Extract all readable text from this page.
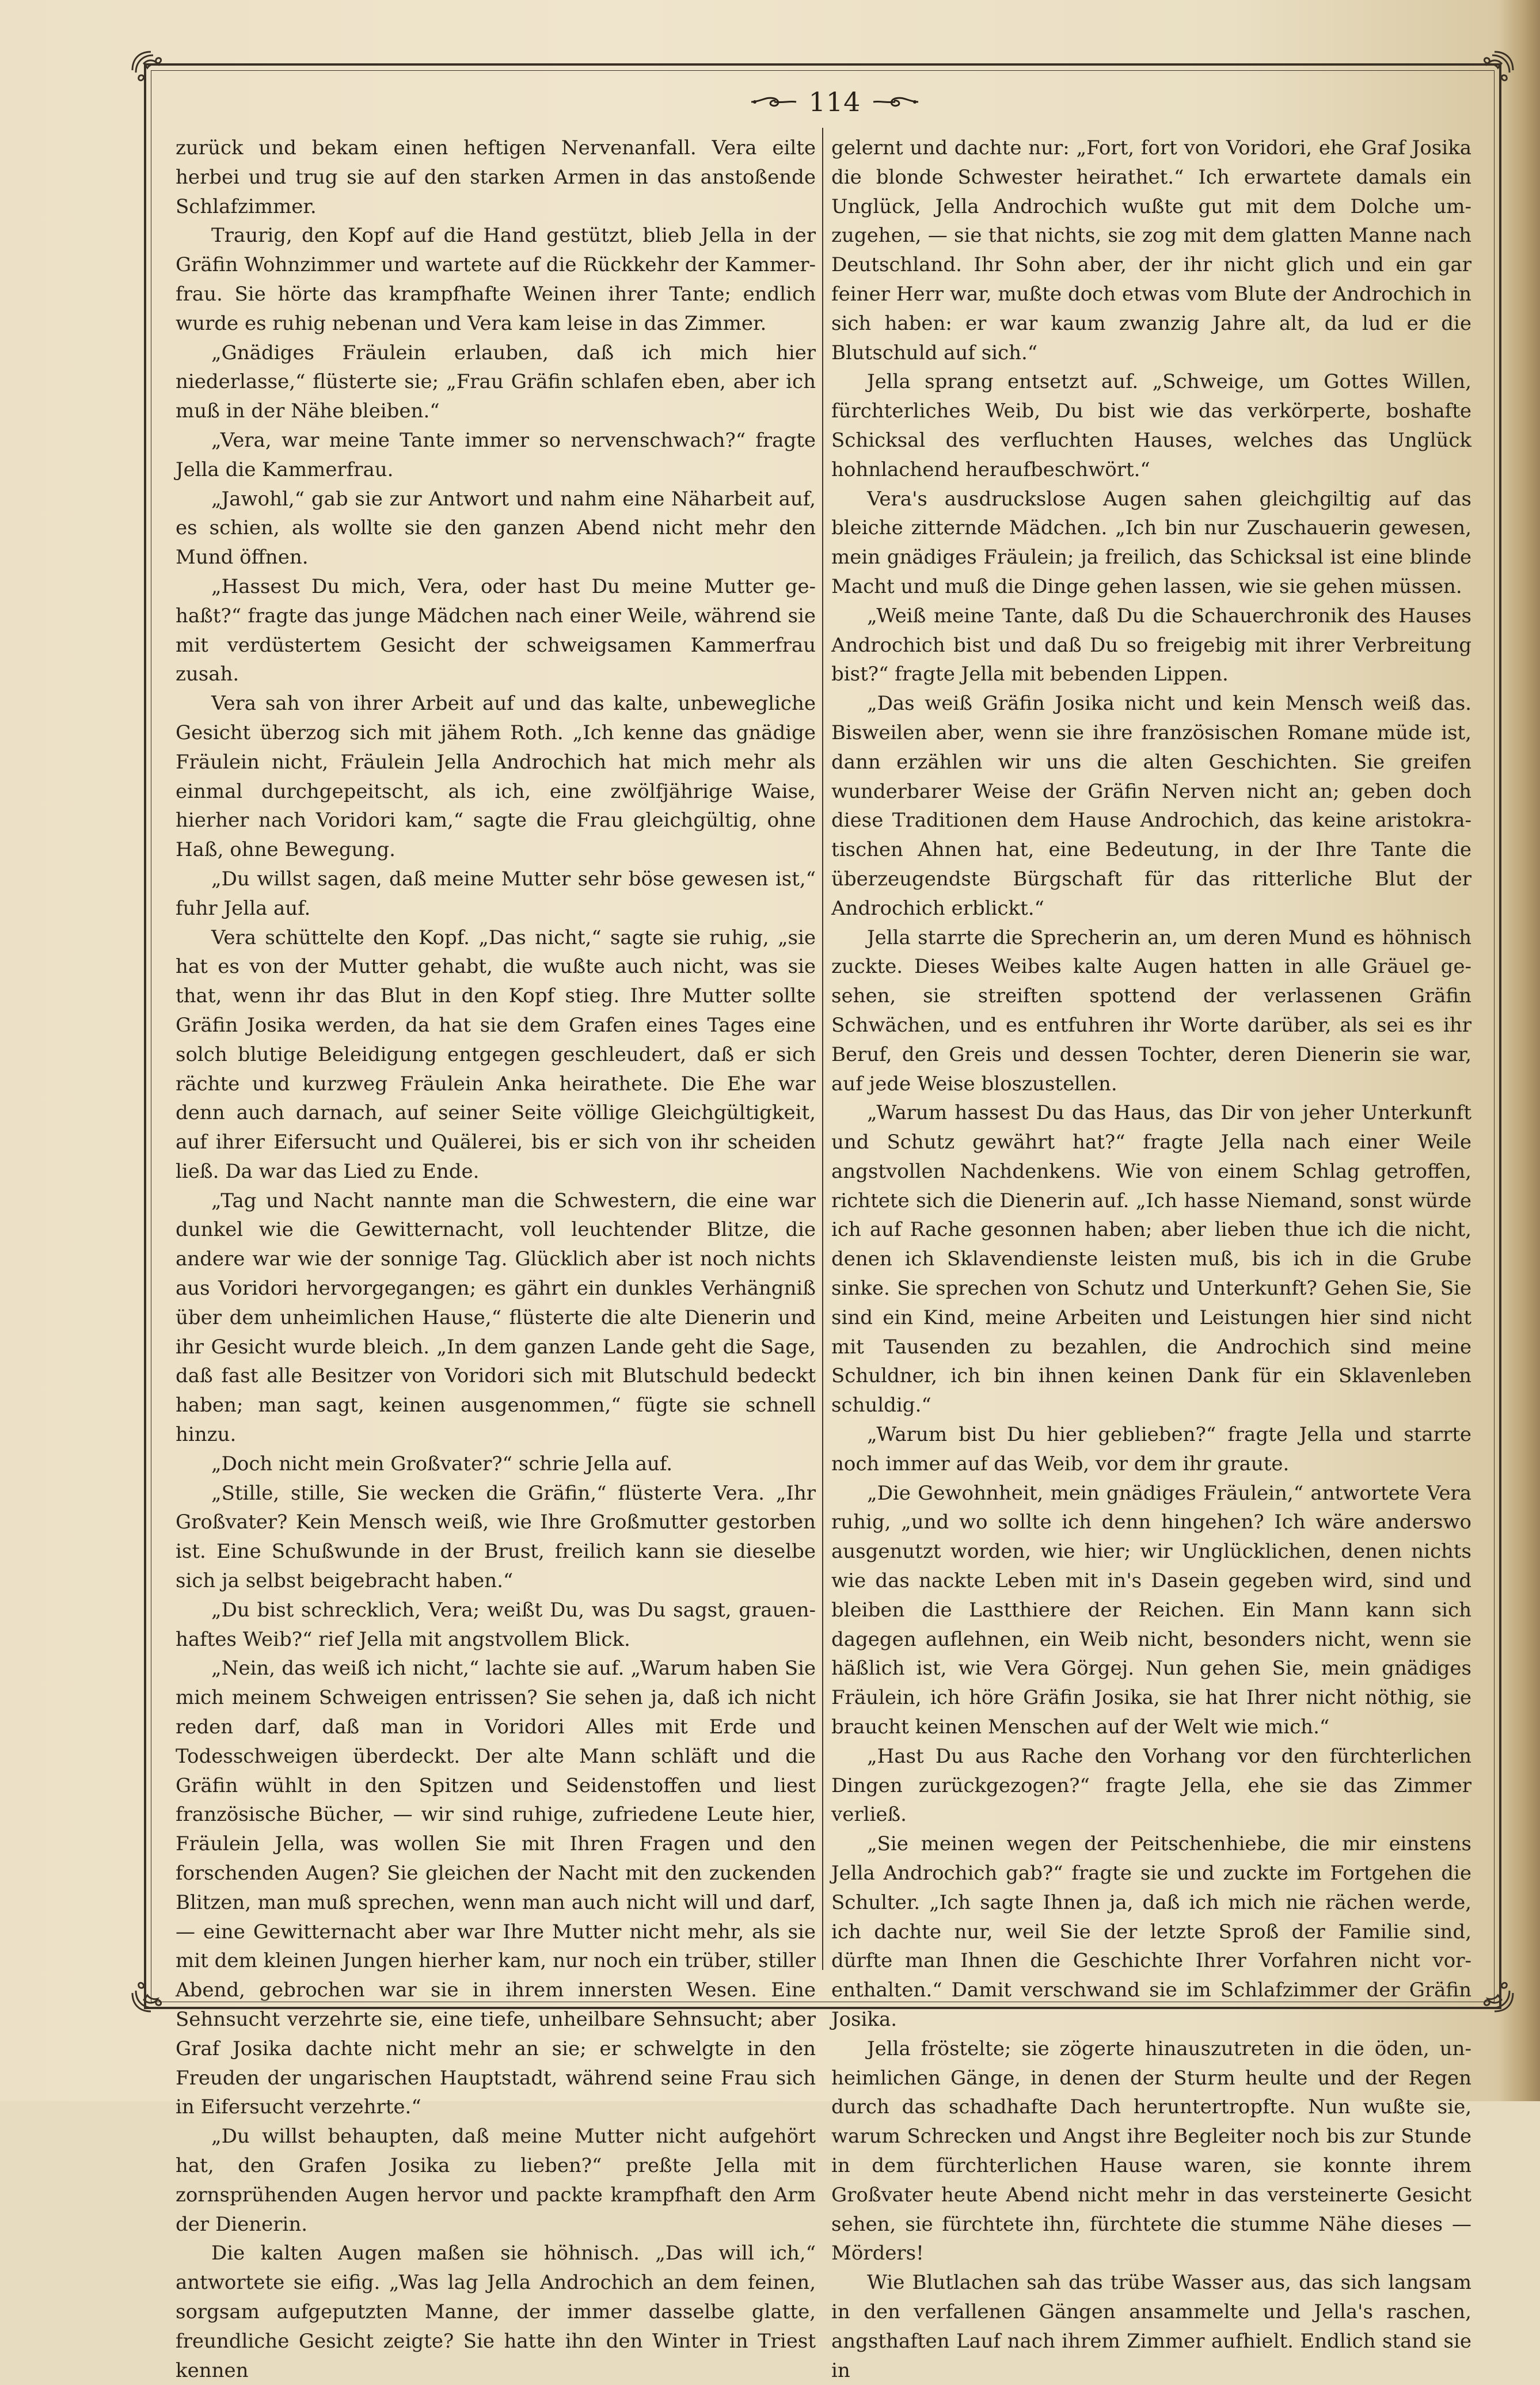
114

zurück und bekam einen heftigen Nervenanfall. Vera eilte herbei und trug sie auf den starken Armen in das anstoßende Schlafzimmer.

Traurig, den Kopf auf die Hand gestützt, blieb Jella in der Gräfin Wohnzimmer und wartete auf die Rückkehr der Kammerfrau. Sie hörte das krampfhafte Weinen ihrer Tante; endlich wurde es ruhig nebenan und Vera kam leise in das Zimmer.

„Gnädiges Fräulein erlauben, daß ich mich hier niederlasse,“ flüsterte sie; „Frau Gräfin schlafen eben, aber ich muß in der Nähe bleiben.“

„Vera, war meine Tante immer so nervenschwach?“ fragte Jella die Kammerfrau.

„Jawohl,“ gab sie zur Antwort und nahm eine Näharbeit auf, es schien, als wollte sie den ganzen Abend nicht mehr den Mund öffnen.

„Hassest Du mich, Vera, oder hast Du meine Mutter gehaßt?“ fragte das junge Mädchen nach einer Weile, während sie mit verdüstertem Gesicht der schweigsamen Kammerfrau zusah.

Vera sah von ihrer Arbeit auf und das kalte, unbewegliche Gesicht überzog sich mit jähem Roth. „Ich kenne das gnädige Fräulein nicht, Fräulein Jella Androchich hat mich mehr als einmal durchgepeitscht, als ich, eine zwölfjährige Waise, hierher nach Voridori kam,“ sagte die Frau gleichgültig, ohne Haß, ohne Bewegung.

„Du willst sagen, daß meine Mutter sehr böse gewesen ist,“ fuhr Jella auf.

Vera schüttelte den Kopf. „Das nicht,“ sagte sie ruhig, „sie hat es von der Mutter gehabt, die wußte auch nicht, was sie that, wenn ihr das Blut in den Kopf stieg. Ihre Mutter sollte Gräfin Josika werden, da hat sie dem Grafen eines Tages eine solch blutige Beleidigung entgegen geschleudert, daß er sich rächte und kurzweg Fräulein Anka heirathete. Die Ehe war denn auch darnach, auf seiner Seite völlige Gleichgültigkeit, auf ihrer Eifersucht und Quälerei, bis er sich von ihr scheiden ließ. Da war das Lied zu Ende.

„Tag und Nacht nannte man die Schwestern, die eine war dunkel wie die Gewitternacht, voll leuchtender Blitze, die andere war wie der sonnige Tag. Glücklich aber ist noch nichts aus Voridori hervorgegangen; es gährt ein dunkles Verhängniß über dem unheimlichen Hause,“ flüsterte die alte Dienerin und ihr Gesicht wurde bleich. „In dem ganzen Lande geht die Sage, daß fast alle Besitzer von Voridori sich mit Blutschuld bedeckt haben; man sagt, keinen ausgenommen,“ fügte sie schnell hinzu.

„Doch nicht mein Großvater?“ schrie Jella auf.

„Stille, stille, Sie wecken die Gräfin,“ flüsterte Vera. „Ihr Großvater? Kein Mensch weiß, wie Ihre Großmutter gestorben ist. Eine Schußwunde in der Brust, freilich kann sie dieselbe sich ja selbst beigebracht haben.“

„Du bist schrecklich, Vera; weißt Du, was Du sagst, grauenhaftes Weib?“ rief Jella mit angstvollem Blick.

„Nein, das weiß ich nicht,“ lachte sie auf. „Warum haben Sie mich meinem Schweigen entrissen? Sie sehen ja, daß ich nicht reden darf, daß man in Voridori Alles mit Erde und Todesschweigen überdeckt. Der alte Mann schläft und die Gräfin wühlt in den Spitzen und Seidenstoffen und liest französische Bücher, — wir sind ruhige, zufriedene Leute hier, Fräulein Jella, was wollen Sie mit Ihren Fragen und den forschenden Augen? Sie gleichen der Nacht mit den zuckenden Blitzen, man muß sprechen, wenn man auch nicht will und darf, — eine Gewitternacht aber war Ihre Mutter nicht mehr, als sie mit dem kleinen Jungen hierher kam, nur noch ein trüber, stiller Abend, gebrochen war sie in ihrem innersten Wesen. Eine Sehnsucht verzehrte sie, eine tiefe, unheilbare Sehnsucht; aber Graf Josika dachte nicht mehr an sie; er schwelgte in den Freuden der ungarischen Hauptstadt, während seine Frau sich in Eifersucht verzehrte.“

„Du willst behaupten, daß meine Mutter nicht aufgehört hat, den Grafen Josika zu lieben?“ preßte Jella mit zornsprühenden Augen hervor und packte krampfhaft den Arm der Dienerin.

Die kalten Augen maßen sie höhnisch. „Das will ich,“ antwortete sie eifig. „Was lag Jella Androchich an dem feinen, sorgsam aufgeputzten Manne, der immer dasselbe glatte, freundliche Gesicht zeigte? Sie hatte ihn den Winter in Triest kennen

gelernt und dachte nur: „Fort, fort von Voridori, ehe Graf Josika die blonde Schwester heirathet.“ Ich erwartete damals ein Unglück, Jella Androchich wußte gut mit dem Dolche umzugehen, — sie that nichts, sie zog mit dem glatten Manne nach Deutschland. Ihr Sohn aber, der ihr nicht glich und ein gar feiner Herr war, mußte doch etwas vom Blute der Androchich in sich haben: er war kaum zwanzig Jahre alt, da lud er die Blutschuld auf sich.“

Jella sprang entsetzt auf. „Schweige, um Gottes Willen, fürchterliches Weib, Du bist wie das verkörperte, boshafte Schicksal des verfluchten Hauses, welches das Unglück hohnlachend heraufbeschwört.“

Vera's ausdruckslose Augen sahen gleichgiltig auf das bleiche zitternde Mädchen. „Ich bin nur Zuschauerin gewesen, mein gnädiges Fräulein; ja freilich, das Schicksal ist eine blinde Macht und muß die Dinge gehen lassen, wie sie gehen müssen.

„Weiß meine Tante, daß Du die Schauerchronik des Hauses Androchich bist und daß Du so freigebig mit ihrer Verbreitung bist?“ fragte Jella mit bebenden Lippen.

„Das weiß Gräfin Josika nicht und kein Mensch weiß das. Bisweilen aber, wenn sie ihre französischen Romane müde ist, dann erzählen wir uns die alten Geschichten. Sie greifen wunderbarer Weise der Gräfin Nerven nicht an; geben doch diese Traditionen dem Hause Androchich, das keine aristokratischen Ahnen hat, eine Bedeutung, in der Ihre Tante die überzeugendste Bürgschaft für das ritterliche Blut der Androchich erblickt.“

Jella starrte die Sprecherin an, um deren Mund es höhnisch zuckte. Dieses Weibes kalte Augen hatten in alle Gräuel gesehen, sie streiften spottend der verlassenen Gräfin Schwächen, und es entfuhren ihr Worte darüber, als sei es ihr Beruf, den Greis und dessen Tochter, deren Dienerin sie war, auf jede Weise bloszustellen.

„Warum hassest Du das Haus, das Dir von jeher Unterkunft und Schutz gewährt hat?“ fragte Jella nach einer Weile angstvollen Nachdenkens. Wie von einem Schlag getroffen, richtete sich die Dienerin auf. „Ich hasse Niemand, sonst würde ich auf Rache gesonnen haben; aber lieben thue ich die nicht, denen ich Sklavendienste leisten muß, bis ich in die Grube sinke. Sie sprechen von Schutz und Unterkunft? Gehen Sie, Sie sind ein Kind, meine Arbeiten und Leistungen hier sind nicht mit Tausenden zu bezahlen, die Androchich sind meine Schuldner, ich bin ihnen keinen Dank für ein Sklavenleben schuldig.“

„Warum bist Du hier geblieben?“ fragte Jella und starrte noch immer auf das Weib, vor dem ihr graute.

„Die Gewohnheit, mein gnädiges Fräulein,“ antwortete Vera ruhig, „und wo sollte ich denn hingehen? Ich wäre anderswo ausgenutzt worden, wie hier; wir Unglücklichen, denen nichts wie das nackte Leben mit in's Dasein gegeben wird, sind und bleiben die Lastthiere der Reichen. Ein Mann kann sich dagegen auflehnen, ein Weib nicht, besonders nicht, wenn sie häßlich ist, wie Vera Görgej. Nun gehen Sie, mein gnädiges Fräulein, ich höre Gräfin Josika, sie hat Ihrer nicht nöthig, sie braucht keinen Menschen auf der Welt wie mich.“

„Hast Du aus Rache den Vorhang vor den fürchterlichen Dingen zurückgezogen?“ fragte Jella, ehe sie das Zimmer verließ.

„Sie meinen wegen der Peitschenhiebe, die mir einstens Jella Androchich gab?“ fragte sie und zuckte im Fortgehen die Schulter. „Ich sagte Ihnen ja, daß ich mich nie rächen werde, ich dachte nur, weil Sie der letzte Sproß der Familie sind, dürfte man Ihnen die Geschichte Ihrer Vorfahren nicht vorenthalten.“ Damit verschwand sie im Schlafzimmer der Gräfin Josika.

Jella fröstelte; sie zögerte hinauszutreten in die öden, unheimlichen Gänge, in denen der Sturm heulte und der Regen durch das schadhafte Dach heruntertropfte. Nun wußte sie, warum Schrecken und Angst ihre Begleiter noch bis zur Stunde in dem fürchterlichen Hause waren, sie konnte ihrem Großvater heute Abend nicht mehr in das versteinerte Gesicht sehen, sie fürchtete ihn, fürchtete die stumme Nähe dieses — Mörders!

Wie Blutlachen sah das trübe Wasser aus, das sich langsam in den verfallenen Gängen ansammelte und Jella's raschen, angsthaften Lauf nach ihrem Zimmer aufhielt. Endlich stand sie in
